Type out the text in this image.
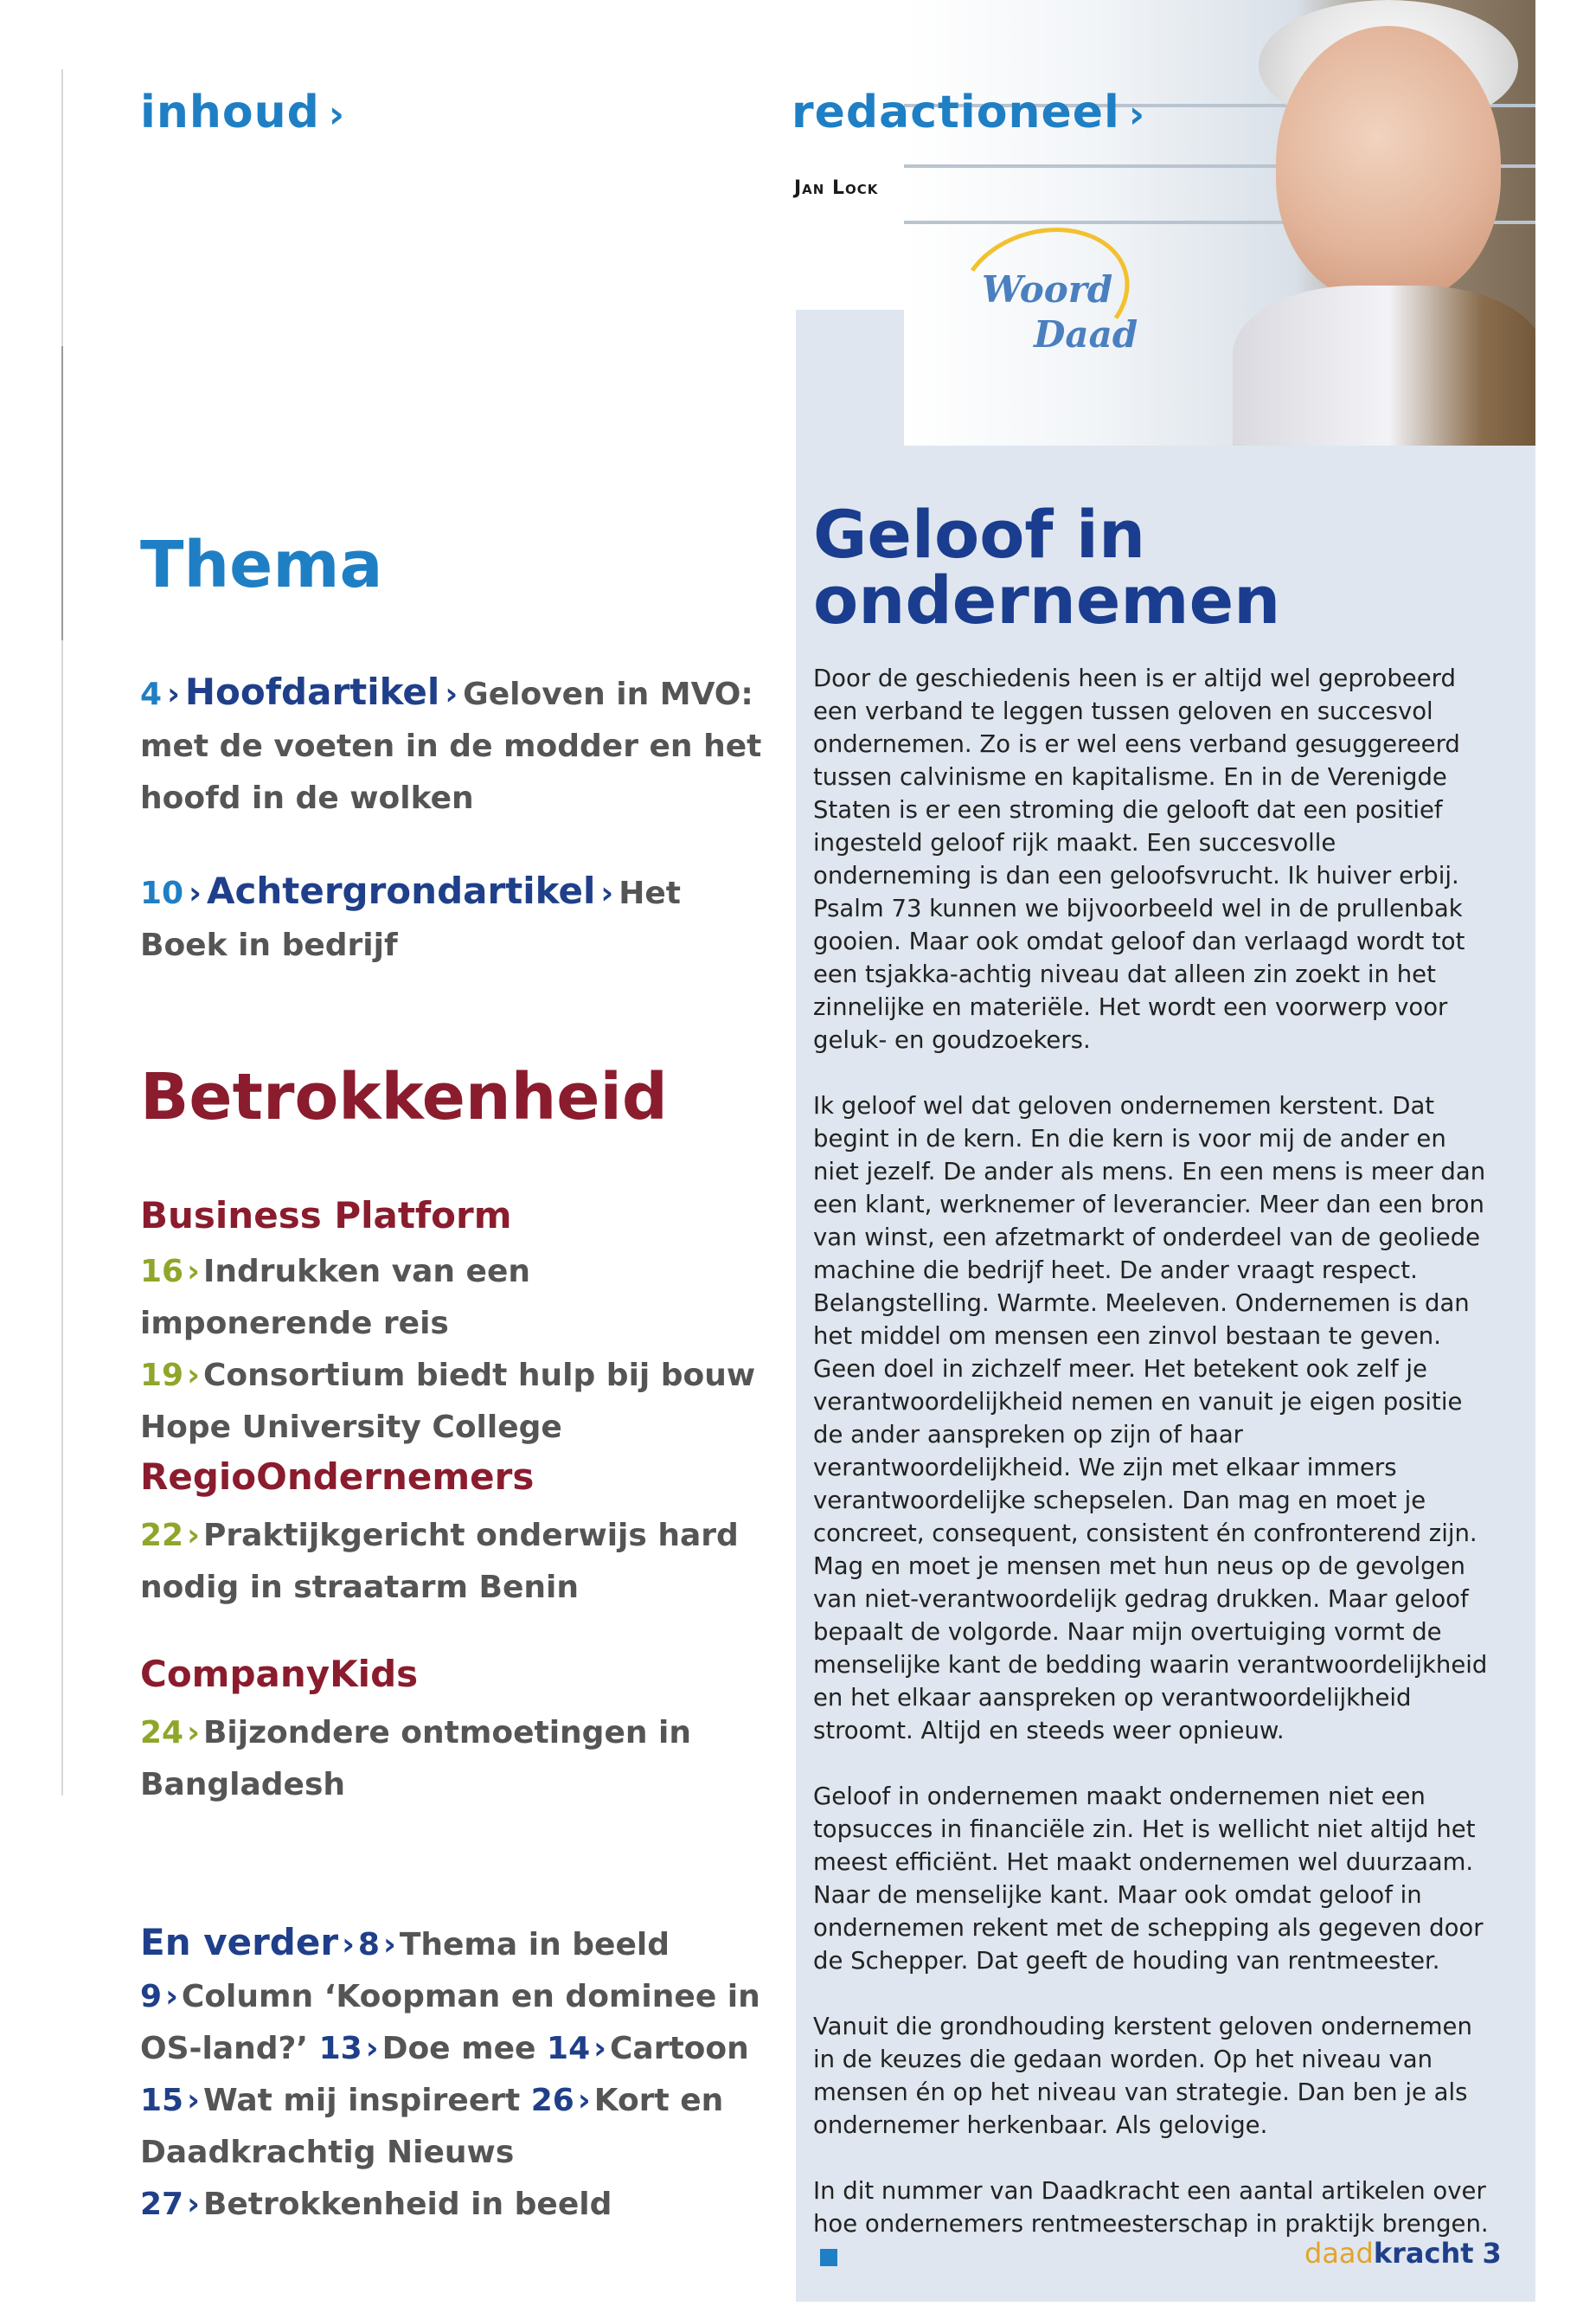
inhoud ›
Thema
4 › Hoofdartikel › Geloven in MVO: met de voeten in de modder en het hoofd in de wolken
10 › Achtergrondartikel › Het Boek in bedrijf
Betrokkenheid
Business Platform
16 › Indrukken van een imponerende reis
19 › Consortium biedt hulp bij bouw Hope University College
RegioOndernemers
22 › Praktijkgericht onderwijs hard nodig in straatarm Benin
CompanyKids
24 › Bijzondere ontmoetingen in Bangladesh
En verder › 8 › Thema in beeld 9 › Column ‘Koopman en dominee in OS-land?’ 13 › Doe mee 14 › Cartoon 15 › Wat mij inspireert 26 › Kort en Daadkrachtig Nieuws 27 › Betrokkenheid in beeld
Woord
Daad
redactioneel ›
Jan Lock
Geloof in
ondernemen

Door de geschiedenis heen is er altijd wel geprobeerd een verband te leggen tussen geloven en succesvol ondernemen. Zo is er wel eens verband gesuggereerd tussen calvinisme en kapitalisme. En in de Verenigde Staten is er een stroming die gelooft dat een positief ingesteld geloof rijk maakt. Een succesvolle onderneming is dan een geloofsvrucht. Ik huiver erbij. Psalm 73 kunnen we bijvoorbeeld wel in de prullenbak gooien. Maar ook omdat geloof dan verlaagd wordt tot een tsjakka-achtig niveau dat alleen zin zoekt in het zinnelijke en materiële. Het wordt een voorwerp voor geluk- en goudzoekers.

Ik geloof wel dat geloven ondernemen kerstent. Dat begint in de kern. En die kern is voor mij de ander en niet jezelf. De ander als mens. En een mens is meer dan een klant, werknemer of leverancier. Meer dan een bron van winst, een afzetmarkt of onderdeel van de geoliede machine die bedrijf heet. De ander vraagt respect. Belangstelling. Warmte. Meeleven. Ondernemen is dan het middel om mensen een zinvol bestaan te geven. Geen doel in zichzelf meer. Het betekent ook zelf je verantwoordelijkheid nemen en vanuit je eigen positie de ander aanspreken op zijn of haar verantwoordelijkheid. We zijn met elkaar immers verantwoordelijke schepselen. Dan mag en moet je concreet, consequent, consistent én confronterend zijn. Mag en moet je mensen met hun neus op de gevolgen van niet-verantwoordelijk gedrag drukken. Maar geloof bepaalt de volgorde. Naar mijn overtuiging vormt de menselijke kant de bedding waarin verantwoordelijkheid en het elkaar aanspreken op verantwoordelijkheid stroomt. Altijd en steeds weer opnieuw.

Geloof in ondernemen maakt ondernemen niet een topsucces in financiële zin. Het is wellicht niet altijd het meest efficiënt. Het maakt ondernemen wel duurzaam. Naar de menselijke kant. Maar ook omdat geloof in ondernemen rekent met de schepping als gegeven door de Schepper. Dat geeft de houding van rentmeester.

Vanuit die grondhouding kerstent geloven ondernemen in de keuzes die gedaan worden. Op het niveau van mensen én op het niveau van strategie. Dan ben je als ondernemer herkenbaar. Als gelovige.

In dit nummer van Daadkracht een aantal artikelen over hoe ondernemers rentmeesterschap in praktijk brengen.

daadkracht 3
